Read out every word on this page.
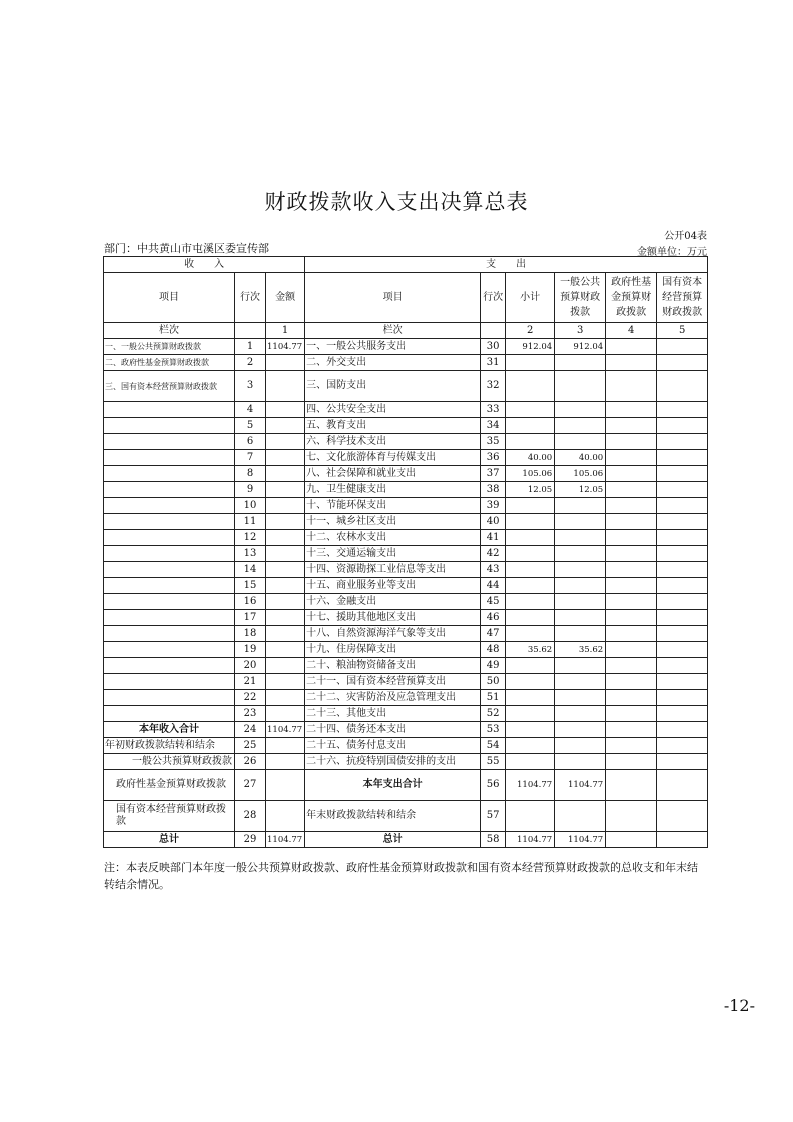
财政拨款收入支出决算总表
公开04表
部门：中共黄山市屯溪区委宣传部	金额单位：万元
收　　入			支　　出					
项目	行次	金额	项目	行次	小计	一般公共预算财政拨款	政府性基金预算财政拨款	国有资本经营预算财政拨款
栏次		1	栏次		2	3	4	5
一、一般公共预算财政拨款	1	1104.77	一、一般公共服务支出	30	912.04	912.04		
二、政府性基金预算财政拨款	2		二、外交支出	31				
三、国有资本经营预算财政拨款	3		三、国防支出	32				
	4		四、公共安全支出	33				
	5		五、教育支出	34				
	6		六、科学技术支出	35				
	7		七、文化旅游体育与传媒支出	36	40.00	40.00		
	8		八、社会保障和就业支出	37	105.06	105.06		
	9		九、卫生健康支出	38	12.05	12.05		
	10		十、节能环保支出	39				
	11		十一、城乡社区支出	40				
	12		十二、农林水支出	41				
	13		十三、交通运输支出	42				
	14		十四、资源勘探工业信息等支出	43				
	15		十五、商业服务业等支出	44				
	16		十六、金融支出	45				
	17		十七、援助其他地区支出	46				
	18		十八、自然资源海洋气象等支出	47				
	19		十九、住房保障支出	48	35.62	35.62		
	20		二十、粮油物资储备支出	49				
	21		二十一、国有资本经营预算支出	50				
	22		二十二、灾害防治及应急管理支出	51				
	23		二十三、其他支出	52				
本年收入合计	24	1104.77	二十四、债务还本支出	53				
年初财政拨款结转和结余	25		二十五、债务付息支出	54				
一般公共预算财政拨款	26		二十六、抗疫特别国债安排的支出	55				
政府性基金预算财政拨款	27		本年支出合计	56	1104.77	1104.77		
国有资本经营预算财政拨款	28		年末财政拨款结转和结余	57				
总计	29	1104.77	总计	58	1104.77	1104.77		
注：本表反映部门本年度一般公共预算财政拨款、政府性基金预算财政拨款和国有资本经营预算财政拨款的总收支和年末结转结余情况。
-12-
